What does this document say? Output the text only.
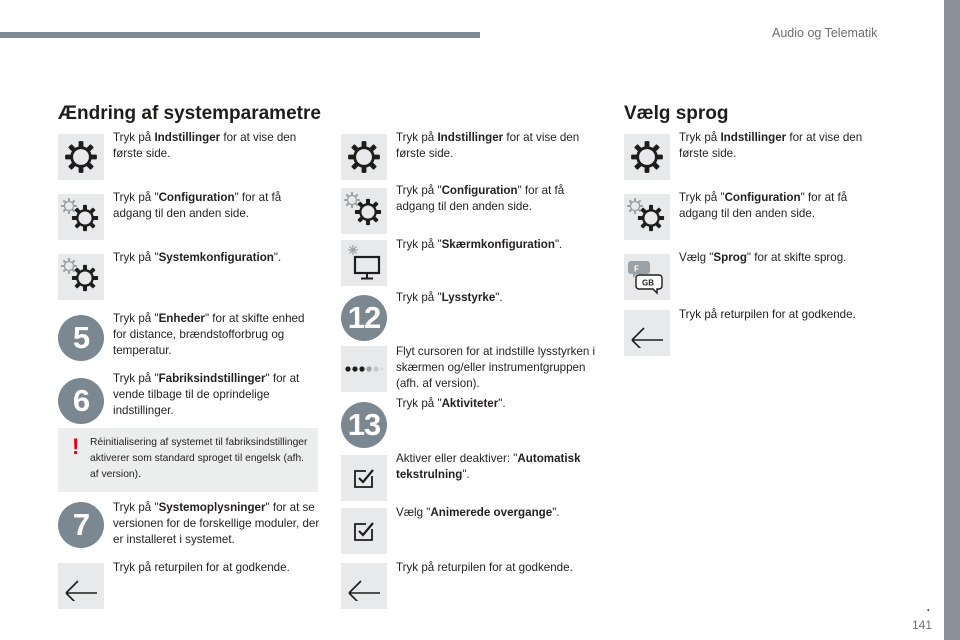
Audio og Telematik
Ændring af systemparametre	Vælg sprog
Tryk på Indstillinger for at vise den første side.
Tryk på "Configuration" for at få adgang til den anden side.
Tryk på "Systemkonfiguration".
5
Tryk på "Enheder" for at skifte enhed for distance, brændstofforbrug og temperatur.
6
Tryk på "Fabriksindstillinger" for at vende tilbage til de oprindelige indstillinger.
! Réinitialisering af systemet til fabriksindstillinger aktiverer som standard sproget til engelsk (afh. af version).
7	Tryk på "Systemoplysninger" for at se versionen for de forskellige moduler, der er installeret i systemet.
Tryk på returpilen for at godkende.
Tryk på Indstillinger for at vise den første side.
Tryk på "Configuration" for at få adgang til den anden side.
Tryk på "Skærmkonfiguration".
12
Tryk på "Lysstyrke".
Flyt cursoren for at indstille lysstyrken i skærmen og/eller instrumentgruppen (afh. af version).
13
Tryk på "Aktiviteter".
Aktiver eller deaktiver: "Automatisk tekstrulning".
Vælg "Animerede overgange".
Tryk på returpilen for at godkende.
Tryk på Indstillinger for at vise den første side.
Tryk på "Configuration" for at få adgang til den anden side.
F
GB
Vælg "Sprog" for at skifte sprog.
Tryk på returpilen for at godkende.
.
141
